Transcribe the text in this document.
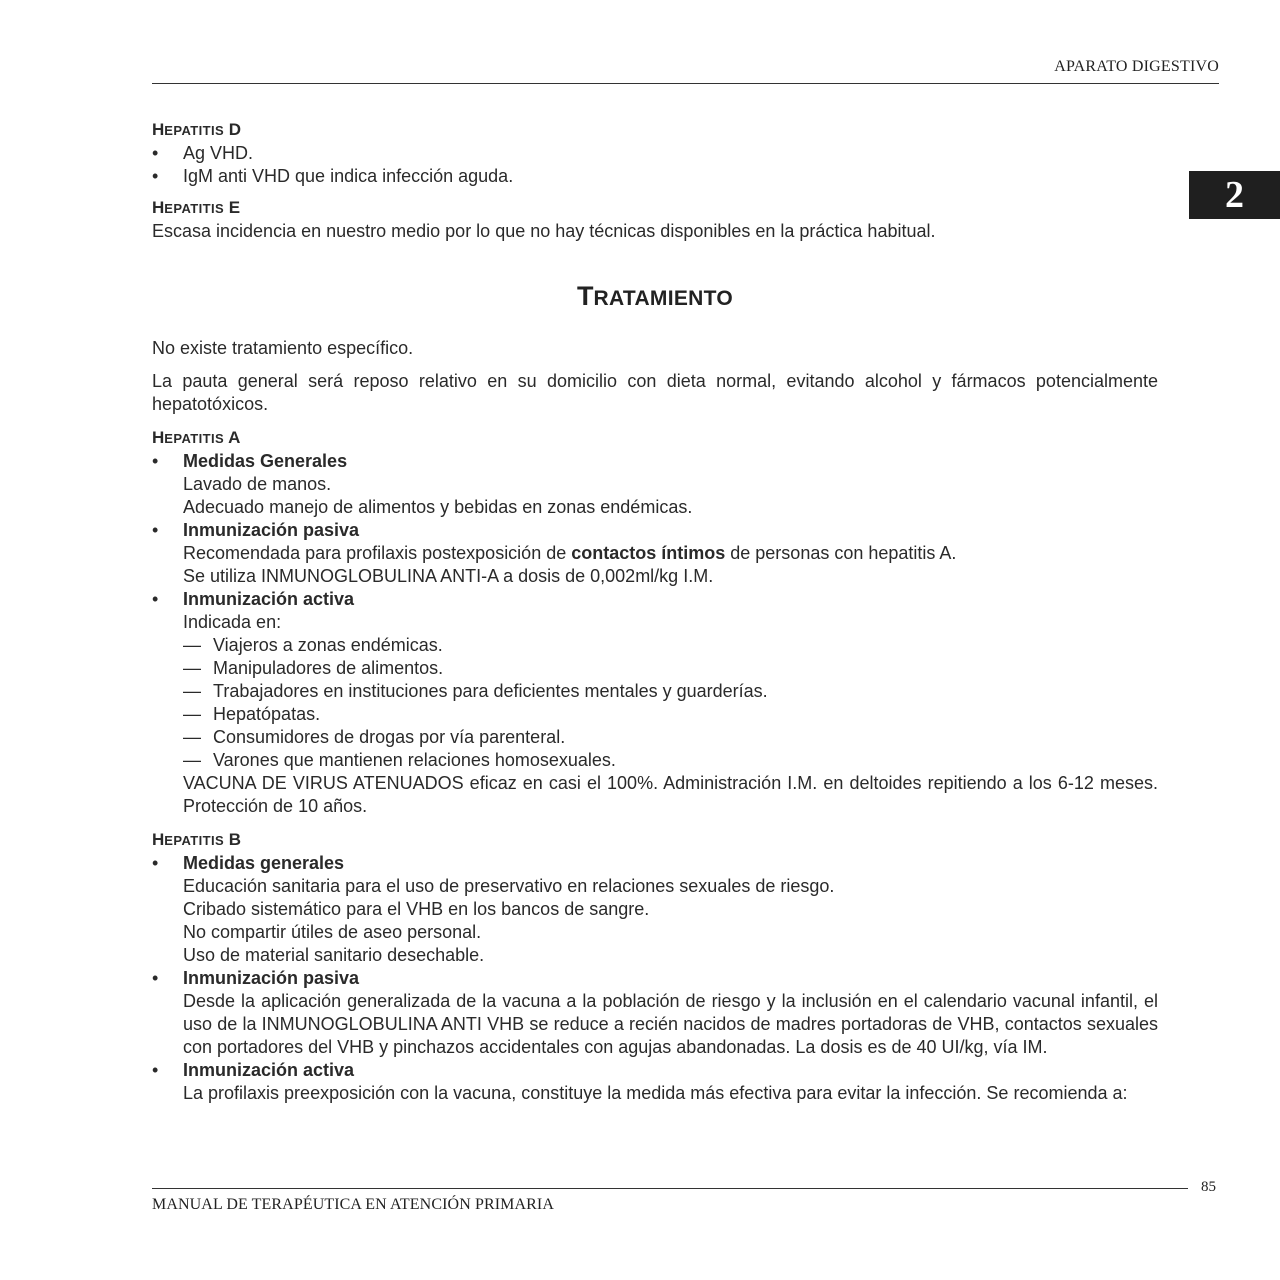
APARATO DIGESTIVO
2
HEPATITIS D
• Ag VHD.
• IgM anti VHD que indica infección aguda.
HEPATITIS E
Escasa incidencia en nuestro medio por lo que no hay técnicas disponibles en la práctica habitual.
TRATAMIENTO
No existe tratamiento específico.
La pauta general será reposo relativo en su domicilio con dieta normal, evitando alcohol y fármacos potencialmente hepatotóxicos.
HEPATITIS A
• Medidas Generales
Lavado de manos.
Adecuado manejo de alimentos y bebidas en zonas endémicas.
• Inmunización pasiva
Recomendada para profilaxis postexposición de contactos íntimos de personas con hepatitis A.
Se utiliza INMUNOGLOBULINA ANTI-A a dosis de 0,002ml/kg I.M.
• Inmunización activa
Indicada en:
— Viajeros a zonas endémicas.
— Manipuladores de alimentos.
— Trabajadores en instituciones para deficientes mentales y guarderías.
— Hepatópatas.
— Consumidores de drogas por vía parenteral.
— Varones que mantienen relaciones homosexuales.
VACUNA DE VIRUS ATENUADOS eficaz en casi el 100%. Administración I.M. en deltoides repitiendo a los 6-12 meses. Protección de 10 años.
HEPATITIS B
• Medidas generales
Educación sanitaria para el uso de preservativo en relaciones sexuales de riesgo.
Cribado sistemático para el VHB en los bancos de sangre.
No compartir útiles de aseo personal.
Uso de material sanitario desechable.
• Inmunización pasiva
Desde la aplicación generalizada de la vacuna a la población de riesgo y la inclusión en el calendario vacunal infantil, el uso de la INMUNOGLOBULINA ANTI VHB se reduce a recién nacidos de madres portadoras de VHB, contactos sexuales con portadores del VHB y pinchazos accidentales con agujas abandonadas. La dosis es de 40 UI/kg, vía IM.
• Inmunización activa
La profilaxis preexposición con la vacuna, constituye la medida más efectiva para evitar la infección. Se recomienda a:
85
MANUAL DE TERAPÉUTICA EN ATENCIÓN PRIMARIA
